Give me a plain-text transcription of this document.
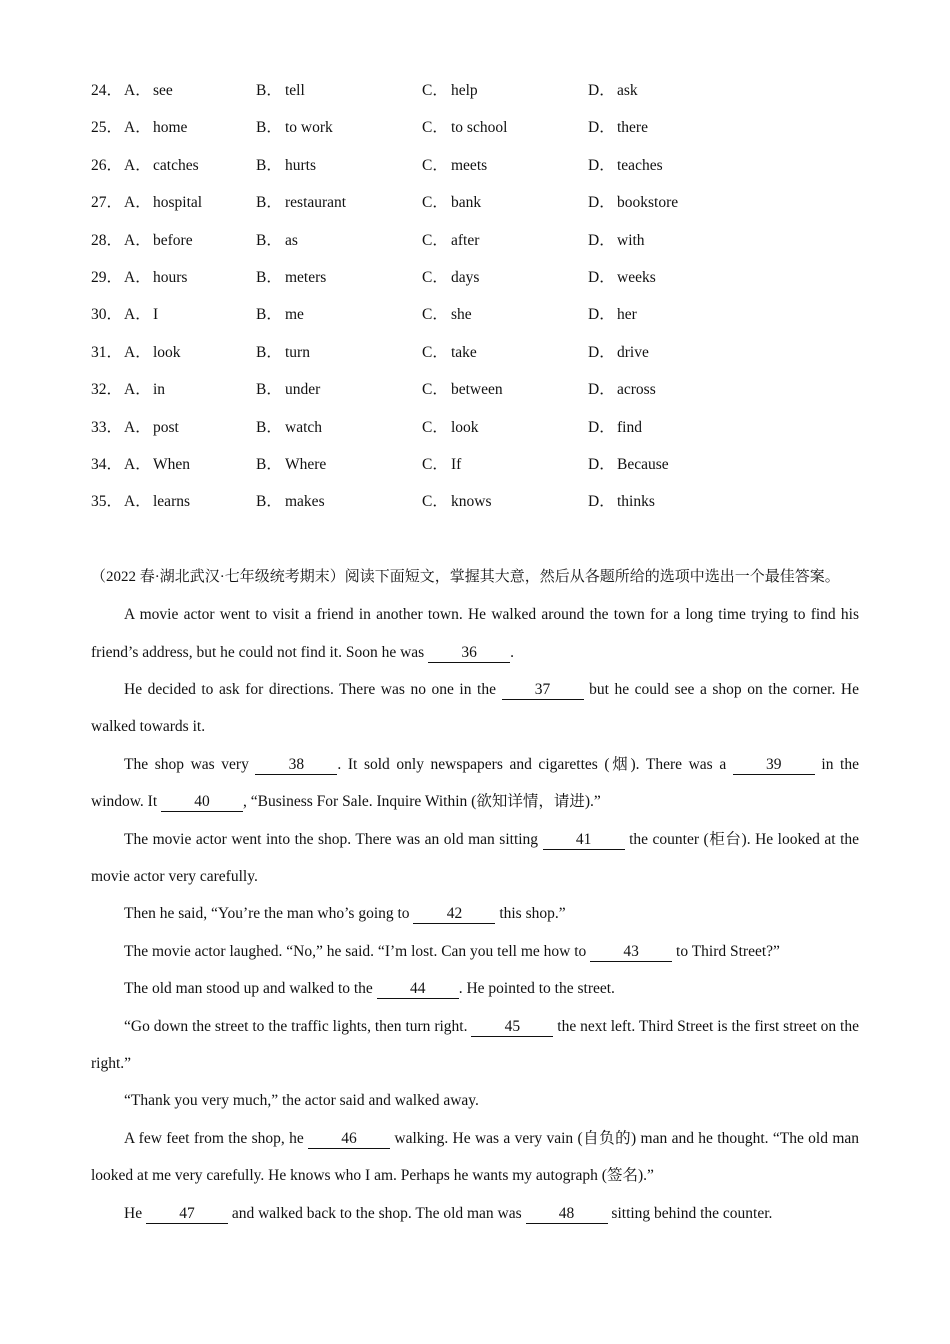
24． A． see	B． tell	C． help	D． ask
25． A． home	B． to work	C． to school	D． there
26． A． catches	B． hurts	C． meets	D． teaches
27． A． hospital	B． restaurant	C． bank	D． bookstore
28． A． before	B． as	C． after	D． with
29． A． hours	B． meters	C． days	D． weeks
30． A． I	B． me	C． she	D． her
31． A． look	B． turn	C． take	D． drive
32． A． in	B． under	C． between	D． across
33． A． post	B． watch	C． look	D． find
34． A． When	B． Where	C． If	D． Because
35． A． learns	B． makes	C． knows	D． thinks
（2022 春·湖北武汉·七年级统考期末）阅读下面短文，掌握其大意，然后从各题所给的选项中选出一个最佳答案。

A movie actor went to visit a friend in another town. He walked around the town for a long time trying to find his friend’s address, but he could not find it. Soon he was 36 .

He decided to ask for directions. There was no one in the 37 but he could see a shop on the corner. He walked towards it.

The shop was very 38 . It sold only newspapers and cigarettes (烟). There was a 39 in the window. It 40 , “Business For Sale. Inquire Within (欲知详情，请进).”

The movie actor went into the shop. There was an old man sitting 41 the counter (柜台). He looked at the movie actor very carefully.

Then he said, “You’re the man who’s going to 42 this shop.”

The movie actor laughed. “No,” he said. “I’m lost. Can you tell me how to 43 to Third Street?”

The old man stood up and walked to the 44 . He pointed to the street.

“Go down the street to the traffic lights, then turn right. 45 the next left. Third Street is the first street on the right.”

“Thank you very much,” the actor said and walked away.

A few feet from the shop, he 46 walking. He was a very vain (自负的) man and he thought. “The old man looked at me very carefully. He knows who I am. Perhaps he wants my autograph (签名).”

He 47 and walked back to the shop. The old man was 48 sitting behind the counter.
